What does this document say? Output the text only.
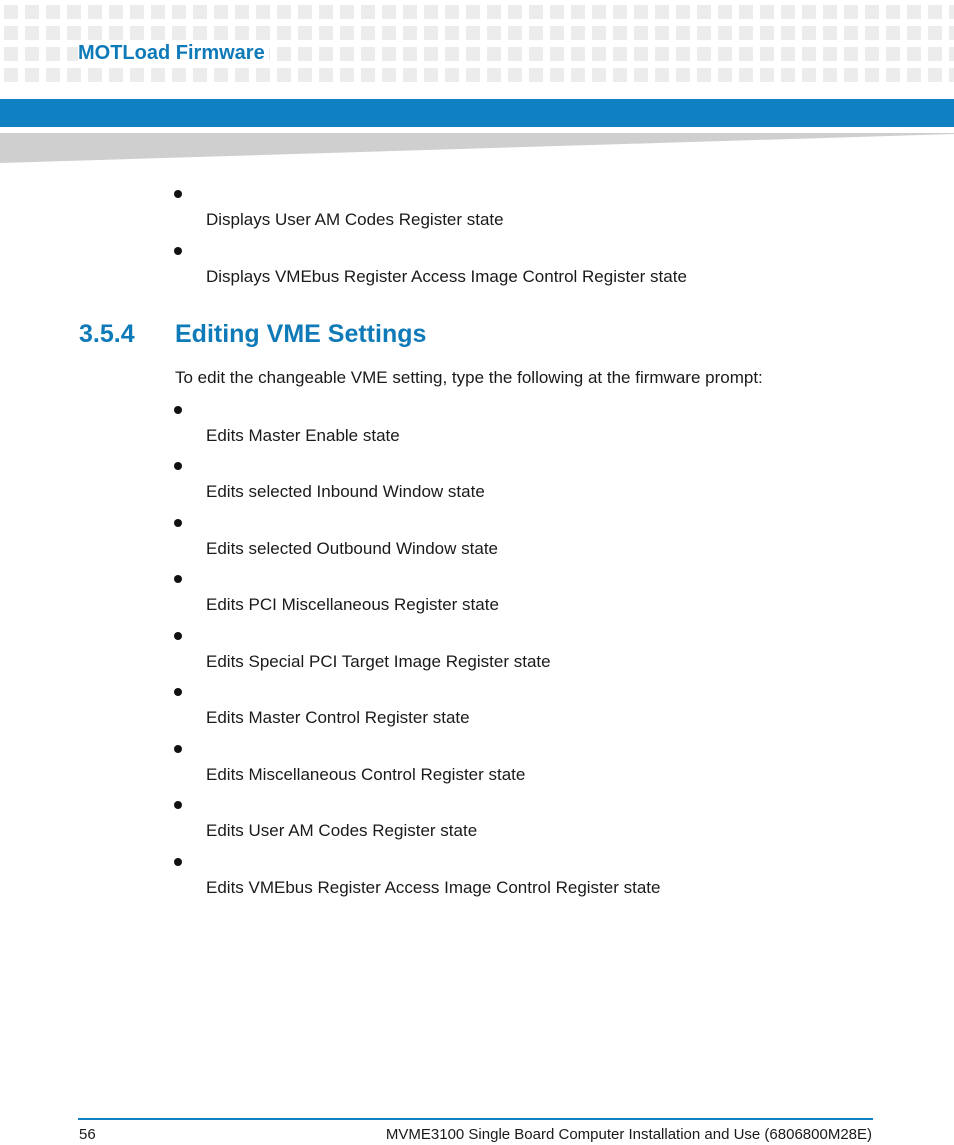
MOTLoad Firmware
Displays User AM Codes Register state
Displays VMEbus Register Access Image Control Register state
3.5.4 Editing VME Settings
To edit the changeable VME setting, type the following at the firmware prompt:
Edits Master Enable state
Edits selected Inbound Window state
Edits selected Outbound Window state
Edits PCI Miscellaneous Register state
Edits Special PCI Target Image Register state
Edits Master Control Register state
Edits Miscellaneous Control Register state
Edits User AM Codes Register state
Edits VMEbus Register Access Image Control Register state
56	MVME3100 Single Board Computer Installation and Use (6806800M28E)
